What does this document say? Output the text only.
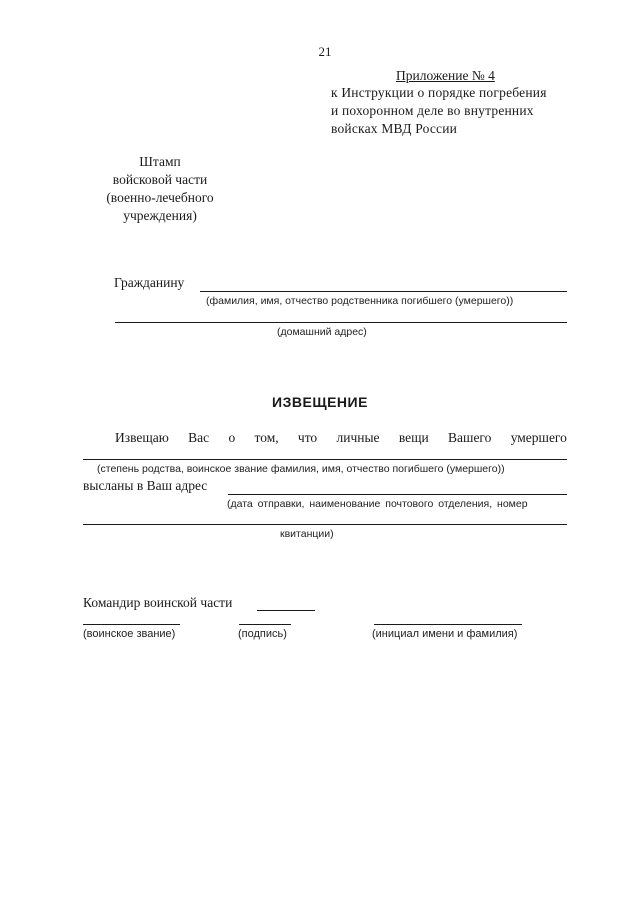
21
Приложение № 4
к Инструкции о порядке погребения
и похоронном деле во внутренних
войсках МВД России
Штамп
войсковой части
(военно-лечебного
учреждения)
Гражданину
(фамилия, имя, отчество родственника погибшего (умершего))
(домашний адрес)
ИЗВЕЩЕНИЕ
Извещаю Вас о том, что личные вещи Вашего умершего
(степень родства, воинское звание фамилия, имя, отчество погибшего (умершего))
высланы в Ваш адрес
(дата отправки, наименование почтового отделения, номер
квитанции)
Командир воинской части
(воинское звание)	(подпись)	(инициал имени и фамилия)
